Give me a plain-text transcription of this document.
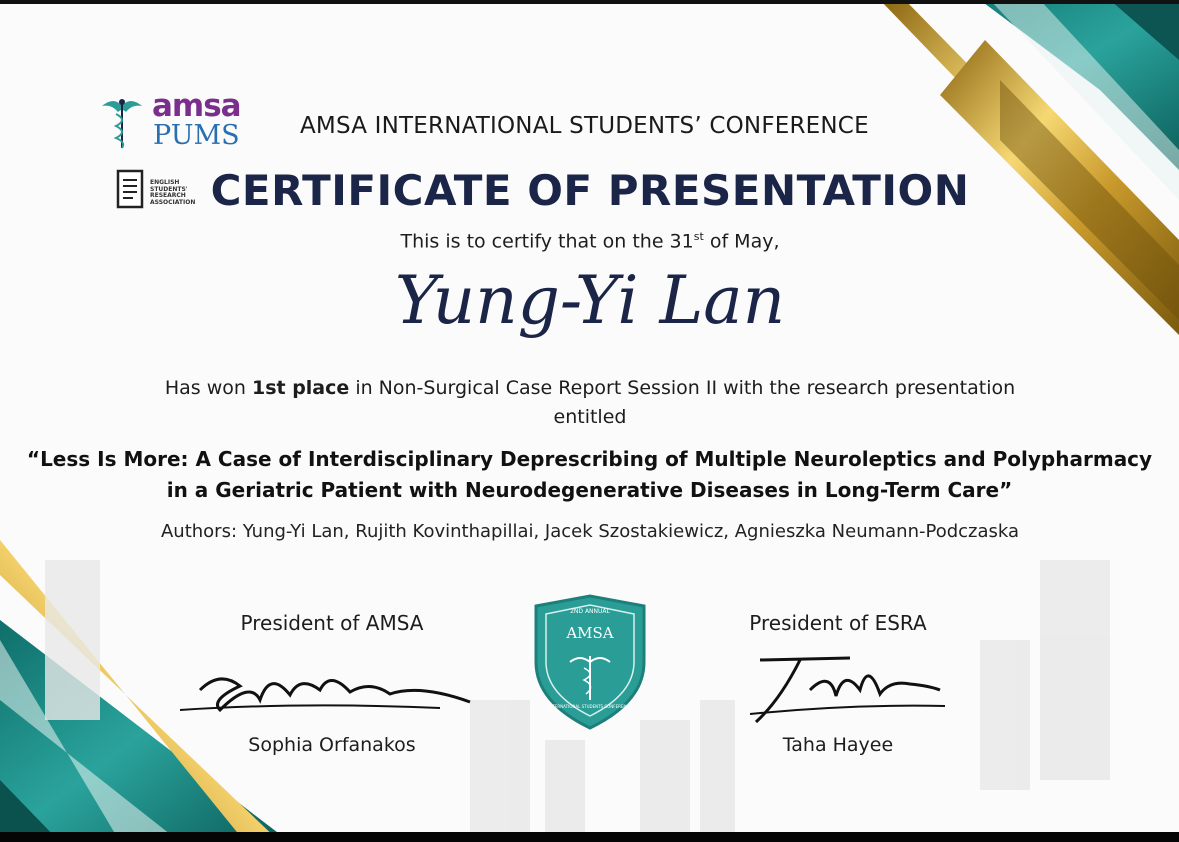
amsa
PUMS
ENGLISH STUDENTS' RESEARCH ASSOCIATION
AMSA INTERNATIONAL STUDENTS’ CONFERENCE
CERTIFICATE OF PRESENTATION
This is to certify that on the 31st of May,
Yung-Yi Lan
Has won 1st place in Non-Surgical Case Report Session II with the research presentation entitled
“Less Is More: A Case of Interdisciplinary Deprescribing of Multiple Neuroleptics and Polypharmacy in a Geriatric Patient with Neurodegenerative Diseases in Long-Term Care”
Authors: Yung-Yi Lan, Rujith Kovinthapillai, Jacek Szostakiewicz, Agnieszka Neumann-Podczaska
President of AMSA
Sophia Orfanakos
President of ESRA
Taha Hayee
2ND ANNUAL
AMSA
INTERNATIONAL STUDENTS CONFERENCE
